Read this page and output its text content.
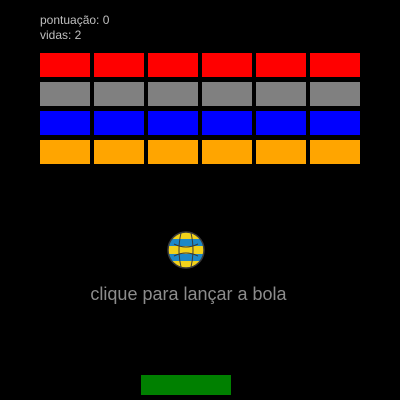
pontuação: 0
vidas: 2
clique para lançar a bola
